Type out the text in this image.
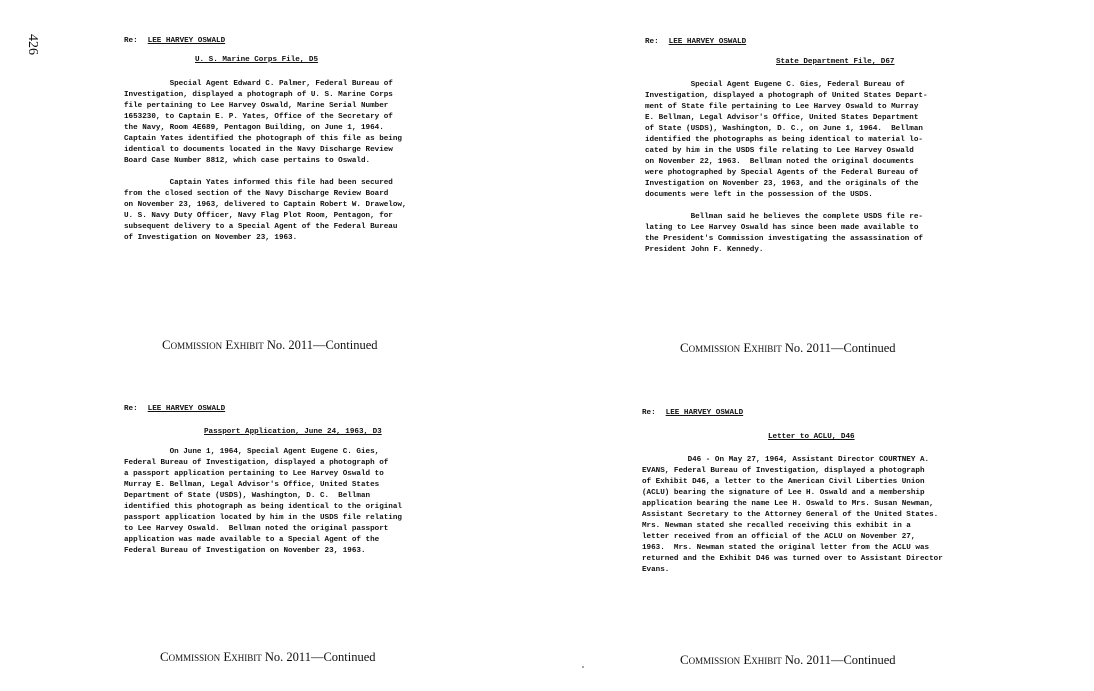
426	Re: LEE HARVEY OSWALD
U. S. Marine Corps File, D5

Special Agent Edward C. Palmer, Federal Bureau of
Investigation, displayed a photograph of U. S. Marine Corps
file pertaining to Lee Harvey Oswald, Marine Serial Number
1653230, to Captain E. P. Yates, Office of the Secretary of
the Navy, Room 4E689, Pentagon Building, on June 1, 1964.
Captain Yates identified the photograph of this file as being
identical to documents located in the Navy Discharge Review
Board Case Number 8812, which case pertains to Oswald.

Captain Yates informed this file had been secured
from the closed section of the Navy Discharge Review Board
on November 23, 1963, delivered to Captain Robert W. Drawelow,
U. S. Navy Duty Officer, Navy Flag Plot Room, Pentagon, for
subsequent delivery to a Special Agent of the Federal Bureau
of Investigation on November 23, 1963.

Commission Exhibit No. 2011—Continued
Re: LEE HARVEY OSWALD
State Department File, D67

Special Agent Eugene C. Gies, Federal Bureau of
Investigation, displayed a photograph of United States Depart-
ment of State file pertaining to Lee Harvey Oswald to Murray
E. Bellman, Legal Advisor's Office, United States Department
of State (USDS), Washington, D. C., on June 1, 1964.  Bellman
identified the photographs as being identical to material lo-
cated by him in the USDS file relating to Lee Harvey Oswald
on November 22, 1963.  Bellman noted the original documents
were photographed by Special Agents of the Federal Bureau of
Investigation on November 23, 1963, and the originals of the
documents were left in the possession of the USDS.

Bellman said he believes the complete USDS file re-
lating to Lee Harvey Oswald has since been made available to
the President's Commission investigating the assassination of
President John F. Kennedy.

Commission Exhibit No. 2011—Continued
Re: LEE HARVEY OSWALD
Passport Application, June 24, 1963, D3

On June 1, 1964, Special Agent Eugene C. Gies,
Federal Bureau of Investigation, displayed a photograph of
a passport application pertaining to Lee Harvey Oswald to
Murray E. Bellman, Legal Advisor's Office, United States
Department of State (USDS), Washington, D. C.  Bellman
identified this photograph as being identical to the original
passport application located by him in the USDS file relating
to Lee Harvey Oswald.  Bellman noted the original passport
application was made available to a Special Agent of the
Federal Bureau of Investigation on November 23, 1963.

Commission Exhibit No. 2011—Continued
Re: LEE HARVEY OSWALD
Letter to ACLU, D46

D46 - On May 27, 1964, Assistant Director COURTNEY A.
EVANS, Federal Bureau of Investigation, displayed a photograph
of Exhibit D46, a letter to the American Civil Liberties Union
(ACLU) bearing the signature of Lee H. Oswald and a membership
application bearing the name Lee H. Oswald to Mrs. Susan Newman,
Assistant Secretary to the Attorney General of the United States.
Mrs. Newman stated she recalled receiving this exhibit in a
letter received from an official of the ACLU on November 27,
1963.  Mrs. Newman stated the original letter from the ACLU was
returned and the Exhibit D46 was turned over to Assistant Director
Evans.

Commission Exhibit No. 2011—Continued
